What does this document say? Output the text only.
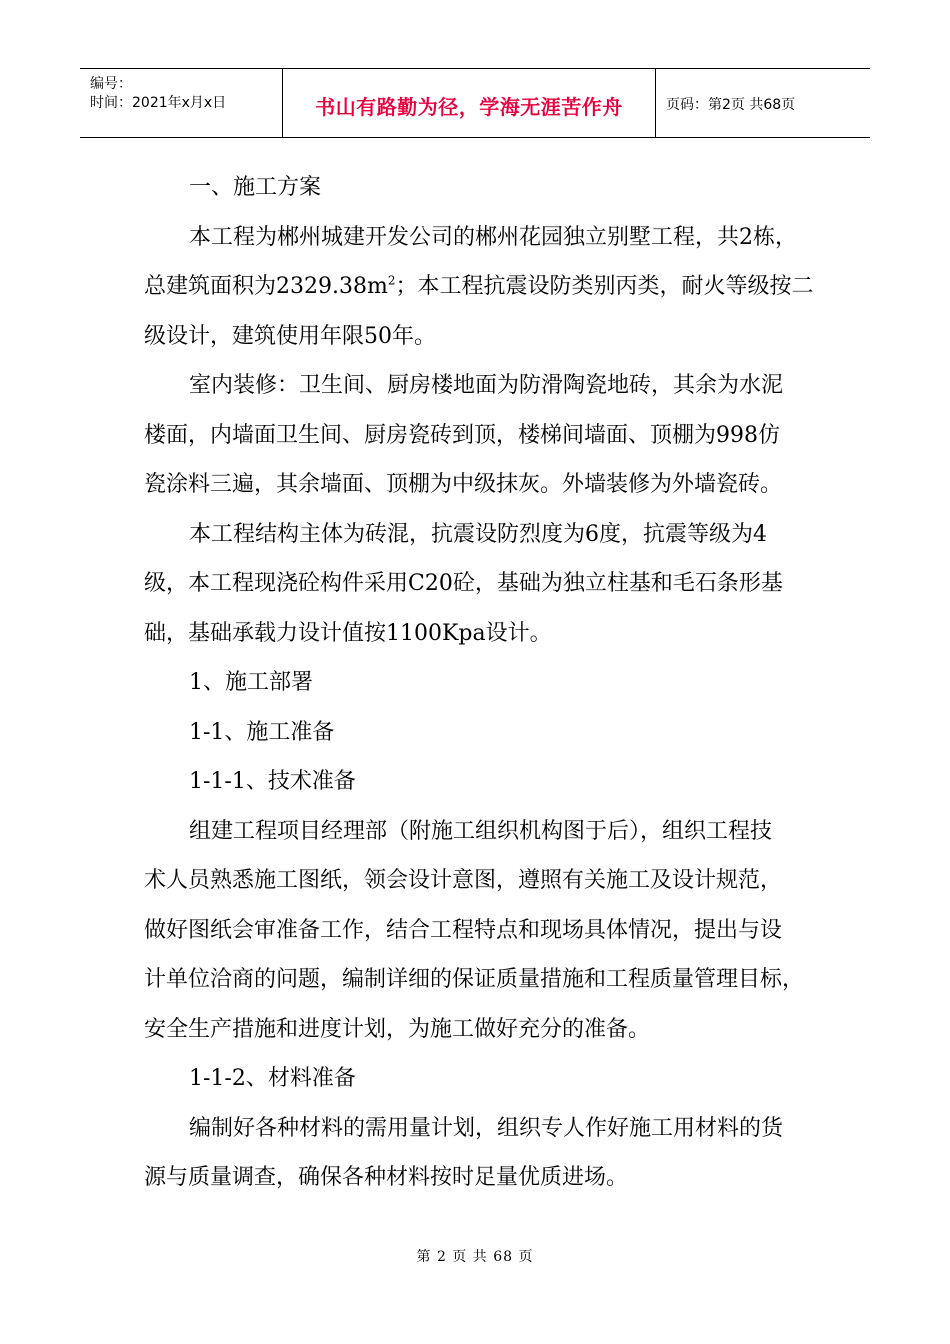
编号：
时间：2021年x月x日	书山有路勤为径，学海无涯苦作舟	页码：第2页 共68页
一、施工方案
本工程为郴州城建开发公司的郴州花园独立别墅工程，共2栋，
总建筑面积为$2329.38m^2$；本工程抗震设防类别丙类，耐火等级按二
级设计，建筑使用年限50年。
室内装修：卫生间、厨房楼地面为防滑陶瓷地砖，其余为水泥
楼面，内墙面卫生间、厨房瓷砖到顶，楼梯间墙面、顶棚为998仿
瓷涂料三遍，其余墙面、顶棚为中级抹灰。外墙装修为外墙瓷砖。
本工程结构主体为砖混，抗震设防烈度为6度，抗震等级为4
级，本工程现浇砼构件采用C20砼，基础为独立柱基和毛石条形基
础，基础承载力设计值按1100Kpa设计。
1、施工部署
1-1、施工准备
1-1-1、技术准备
组建工程项目经理部（附施工组织机构图于后），组织工程技
术人员熟悉施工图纸，领会设计意图，遵照有关施工及设计规范，
做好图纸会审准备工作，结合工程特点和现场具体情况，提出与设
计单位洽商的问题，编制详细的保证质量措施和工程质量管理目标，
安全生产措施和进度计划，为施工做好充分的准备。
1-1-2、材料准备
编制好各种材料的需用量计划，组织专人作好施工用材料的货
源与质量调查，确保各种材料按时足量优质进场。
第 2 页 共 68 页
